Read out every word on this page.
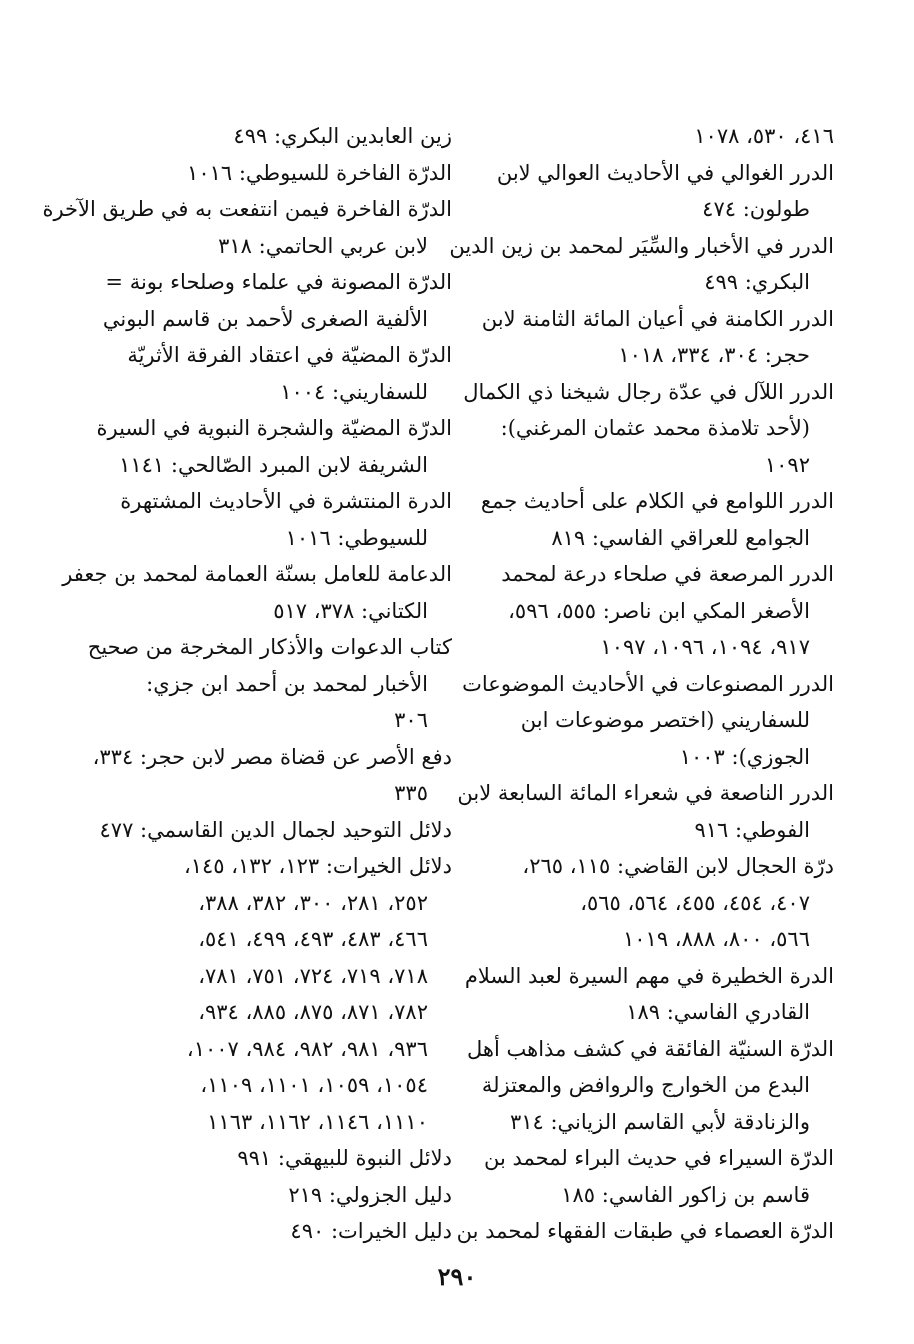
٤١٦، ٥٣٠، ١٠٧٨
الدرر الغوالي في الأحاديث العوالي لابن
طولون: ٤٧٤
الدرر في الأخبار والسِّيَر لمحمد بن زين الدين
البكري: ٤٩٩
الدرر الكامنة في أعيان المائة الثامنة لابن
حجر: ٣٠٤، ٣٣٤، ١٠١٨
الدرر اللآل في عدّة رجال شيخنا ذي الكمال
(لأحد تلامذة محمد عثمان المرغني):
١٠٩٢
الدرر اللوامع في الكلام على أحاديث جمع
الجوامع للعراقي الفاسي: ٨١٩
الدرر المرصعة في صلحاء درعة لمحمد
الأصغر المكي ابن ناصر: ٥٥٥، ٥٩٦،
٩١٧، ١٠٩٤، ١٠٩٦، ١٠٩٧
الدرر المصنوعات في الأحاديث الموضوعات
للسفاريني (اختصر موضوعات ابن
الجوزي): ١٠٠٣
الدرر الناصعة في شعراء المائة السابعة لابن
الفوطي: ٩١٦
درّة الحجال لابن القاضي: ١١٥، ٢٦٥،
٤٠٧، ٤٥٤، ٤٥٥، ٥٦٤، ٥٦٥،
٥٦٦، ٨٠٠، ٨٨٨، ١٠١٩
الدرة الخطيرة في مهم السيرة لعبد السلام
القادري الفاسي: ١٨٩
الدرّة السنيّة الفائقة في كشف مذاهب أهل
البدع من الخوارج والروافض والمعتزلة
والزنادقة لأبي القاسم الزياني: ٣١٤
الدرّة السيراء في حديث البراء لمحمد بن
قاسم بن زاكور الفاسي: ١٨٥
الدرّة العصماء في طبقات الفقهاء لمحمد بن
زين العابدين البكري: ٤٩٩
الدرّة الفاخرة للسيوطي: ١٠١٦
الدرّة الفاخرة فيمن انتفعت به في طريق الآخرة
لابن عربي الحاتمي: ٣١٨
الدرّة المصونة في علماء وصلحاء بونة =
الألفية الصغرى لأحمد بن قاسم البوني
الدرّة المضيّة في اعتقاد الفرقة الأثريّة
للسفاريني: ١٠٠٤
الدرّة المضيّة والشجرة النبوية في السيرة
الشريفة لابن المبرد الصّالحي: ١١٤١
الدرة المنتشرة في الأحاديث المشتهرة
للسيوطي: ١٠١٦
الدعامة للعامل بسنّة العمامة لمحمد بن جعفر
الكتاني: ٣٧٨، ٥١٧
كتاب الدعوات والأذكار المخرجة من صحيح
الأخبار لمحمد بن أحمد ابن جزي:
٣٠٦
دفع الأصر عن قضاة مصر لابن حجر: ٣٣٤،
٣٣٥
دلائل التوحيد لجمال الدين القاسمي: ٤٧٧
دلائل الخيرات: ١٢٣، ١٣٢، ١٤٥،
٢٥٢، ٢٨١، ٣٠٠، ٣٨٢، ٣٨٨،
٤٦٦، ٤٨٣، ٤٩٣، ٤٩٩، ٥٤١،
٧١٨، ٧١٩، ٧٢٤، ٧٥١، ٧٨١،
٧٨٢، ٨٧١، ٨٧٥، ٨٨٥، ٩٣٤،
٩٣٦، ٩٨١، ٩٨٢، ٩٨٤، ١٠٠٧،
١٠٥٤، ١٠٥٩، ١١٠١، ١١٠٩،
١١١٠، ١١٤٦، ١١٦٢، ١١٦٣
دلائل النبوة للبيهقي: ٩٩١
دليل الجزولي: ٢١٩
دليل الخيرات: ٤٩٠
٢٩٠
